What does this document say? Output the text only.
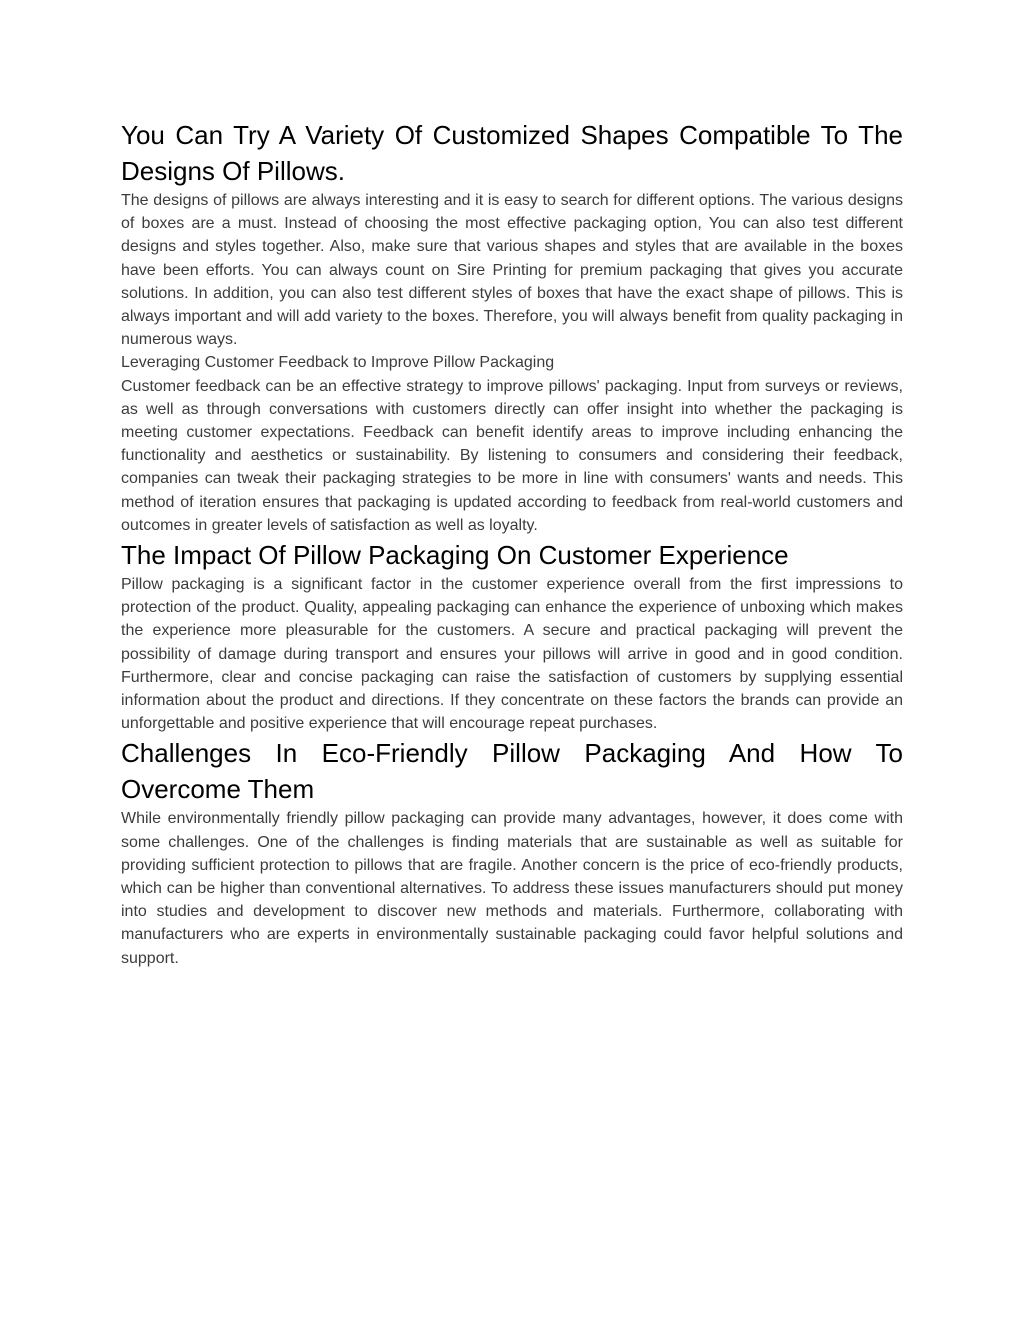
You Can Try A Variety Of Customized Shapes Compatible To The Designs Of Pillows.

The designs of pillows are always interesting and it is easy to search for different options. The various designs of boxes are a must. Instead of choosing the most effective packaging option, You can also test different designs and styles together. Also, make sure that various shapes and styles that are available in the boxes have been efforts. You can always count on Sire Printing for premium packaging that gives you accurate solutions. In addition, you can also test different styles of boxes that have the exact shape of pillows. This is always important and will add variety to the boxes. Therefore, you will always benefit from quality packaging in numerous ways.

Leveraging Customer Feedback to Improve Pillow Packaging

Customer feedback can be an effective strategy to improve pillows' packaging. Input from surveys or reviews, as well as through conversations with customers directly can offer insight into whether the packaging is meeting customer expectations. Feedback can benefit identify areas to improve including enhancing the functionality and aesthetics or sustainability. By listening to consumers and considering their feedback, companies can tweak their packaging strategies to be more in line with consumers' wants and needs. This method of iteration ensures that packaging is updated according to feedback from real-world customers and outcomes in greater levels of satisfaction as well as loyalty.

The Impact Of Pillow Packaging On Customer Experience

Pillow packaging is a significant factor in the customer experience overall from the first impressions to protection of the product. Quality, appealing packaging can enhance the experience of unboxing which makes the experience more pleasurable for the customers. A secure and practical packaging will prevent the possibility of damage during transport and ensures your pillows will arrive in good and in good condition. Furthermore, clear and concise packaging can raise the satisfaction of customers by supplying essential information about the product and directions. If they concentrate on these factors the brands can provide an unforgettable and positive experience that will encourage repeat purchases.

Challenges In Eco-Friendly Pillow Packaging And How To Overcome Them

While environmentally friendly pillow packaging can provide many advantages, however, it does come with some challenges. One of the challenges is finding materials that are sustainable as well as suitable for providing sufficient protection to pillows that are fragile. Another concern is the price of eco-friendly products, which can be higher than conventional alternatives. To address these issues manufacturers should put money into studies and development to discover new methods and materials. Furthermore, collaborating with manufacturers who are experts in environmentally sustainable packaging could favor helpful solutions and support.
